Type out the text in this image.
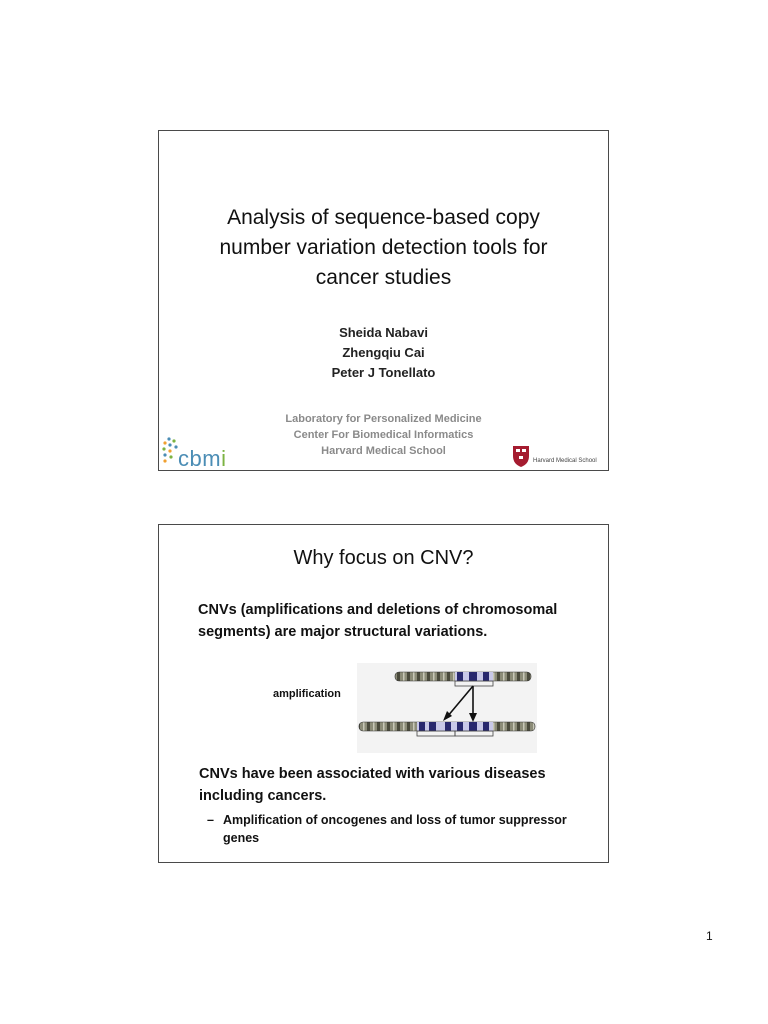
Analysis of sequence-based copy
number variation detection tools for
cancer studies
Sheida Nabavi
Zhengqiu Cai
Peter J Tonellato
Laboratory for Personalized Medicine
Center For Biomedical Informatics
Harvard Medical School
cbmi	Harvard Medical School
Why focus on CNV?
CNVs (amplifications and deletions of chromosomal segments) are major structural variations.
amplification
CNVs have been associated with various diseases including cancers.
– Amplification of oncogenes and loss of tumor suppressor genes
1
